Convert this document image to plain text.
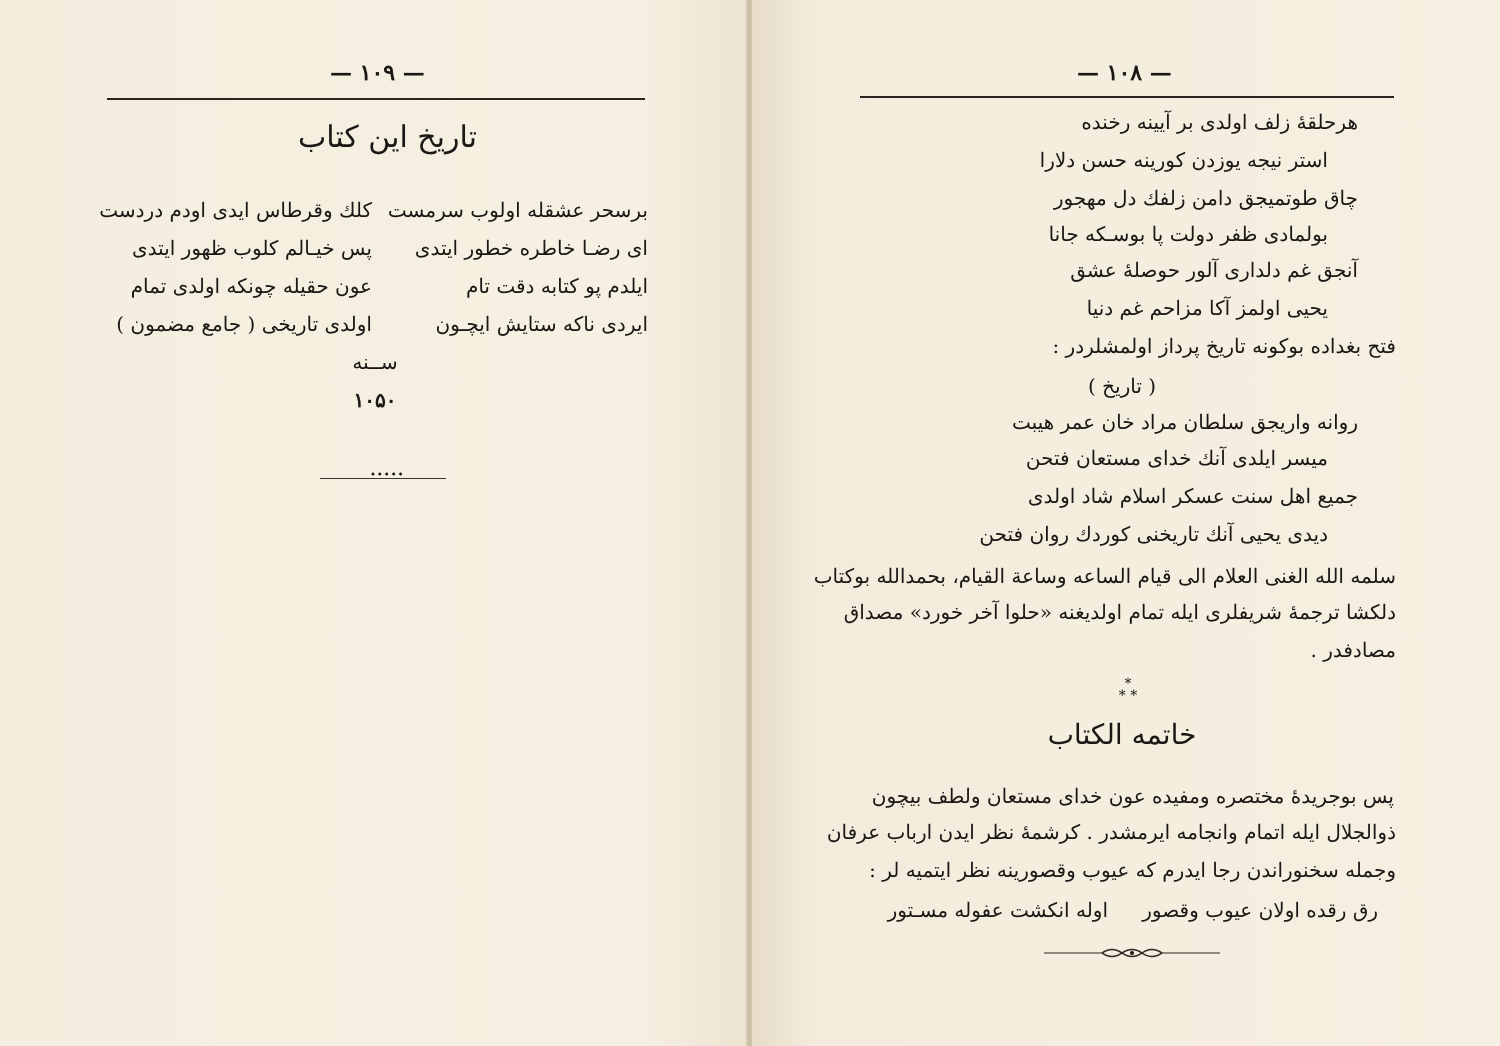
— ۱۰۹ —
تاريخ اين كتاب
برسحر عشقله اولوب سرمست
كلك وقرطاس ايدى اودم دردست
اى رضـا خاطره خطور ايتدى
پس خيـالم كلوب ظهور ايتدى
ايلدم پو كتابه دقت تام
عون حقيله چونكه اولدى تمام
ايردى ناكه ستايش ايچـون
اولدى تاريخى ( جامع مضمون )
ســنه
۱۰۵۰
•••••
— ۱۰۸ —
هرحلقۀ زلف اولدى بر آيينه رخنده
استر نيجه يوزدن كورينه حسن دلارا
چاق طوتميجق دامن زلفك دل مهجور
بولمادى ظفر دولت پا بوسـكه جانا
آنجق غم دلدارى آلور حوصلۀ عشق
يحيى اولمز آكا مزاحم غم دنيا
فتح بغداده بوكونه تاريخ پرداز اولمشلردر :
( تاريخ )
روانه واريجق سلطان مراد خان عمر هيبت
ميسر ايلدى آنك خداى مستعان فتحن
جميع اهل سنت عسكر اسلام شاد اولدى
ديدى يحيى آنك تاريخنى كوردك روان فتحن
سلمه الله الغنى العلام الى قيام الساعه وساعة القيام، بحمدالله بوكتاب
دلكشا ترجمۀ شريفلرى ايله تمام اولديغنه «حلوا آخر خورد» مصداق
مصادفدر .
*
* *
خاتمه الكتاب
پس بوجريدۀ مختصره ومفيده عون خداى مستعان ولطف بيچون
ذوالجلال ايله اتمام وانجامه ايرمشدر . كرشمۀ نظر ايدن ارباب عرفان
وجمله سخنوراندن رجا ايدرم كه عيوب وقصورينه نظر ايتميه لر :
رق رقده اولان عيوب وقصور
اوله انكشت عفوله مسـتور
